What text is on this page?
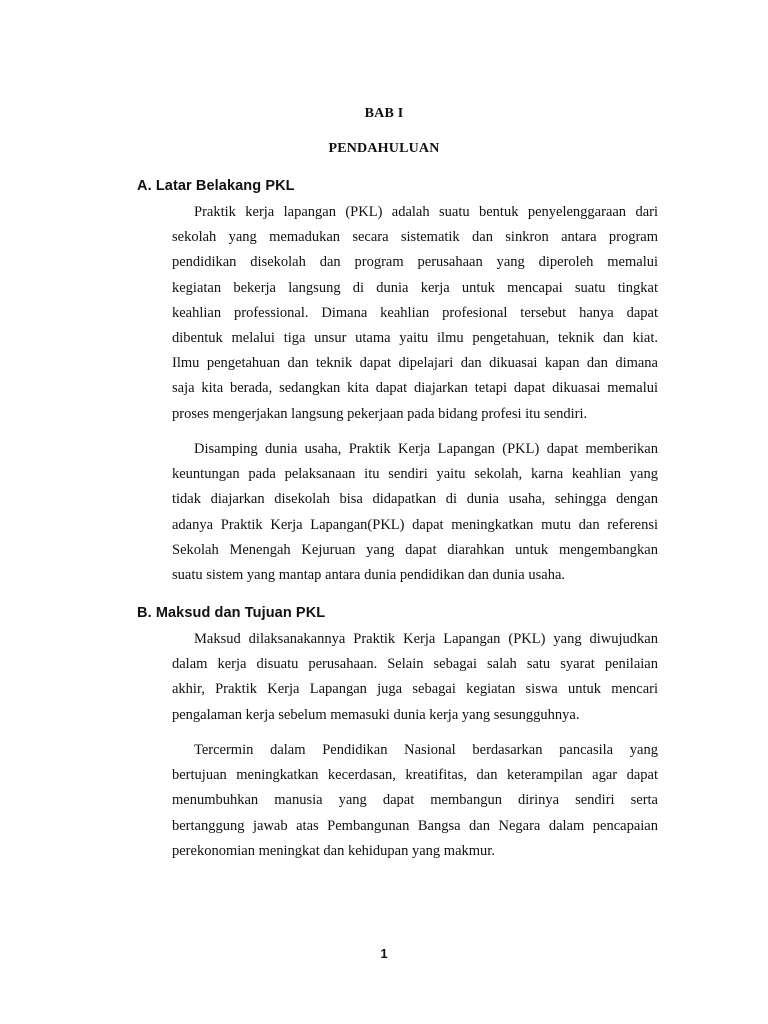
BAB I
PENDAHULUAN
A. Latar Belakang PKL
Praktik kerja lapangan (PKL) adalah suatu bentuk penyelenggaraan dari
sekolah yang memadukan secara sistematik dan sinkron antara program
pendidikan disekolah dan program perusahaan yang diperoleh memalui
kegiatan bekerja langsung di dunia kerja untuk mencapai suatu tingkat
keahlian professional. Dimana keahlian profesional tersebut hanya dapat
dibentuk melalui tiga unsur utama yaitu ilmu pengetahuan, teknik dan kiat.
Ilmu pengetahuan dan teknik dapat dipelajari dan dikuasai kapan dan dimana
saja kita berada, sedangkan kita dapat diajarkan tetapi dapat dikuasai memalui
proses mengerjakan langsung pekerjaan pada bidang profesi itu sendiri.
Disamping dunia usaha, Praktik Kerja Lapangan (PKL) dapat memberikan
keuntungan pada pelaksanaan itu sendiri yaitu sekolah, karna keahlian yang
tidak diajarkan disekolah bisa didapatkan di dunia usaha, sehingga dengan
adanya Praktik Kerja Lapangan(PKL) dapat meningkatkan mutu dan referensi
Sekolah Menengah Kejuruan yang dapat diarahkan untuk mengembangkan
suatu sistem yang mantap antara dunia pendidikan dan dunia usaha.
B. Maksud dan Tujuan PKL
Maksud dilaksanakannya Praktik Kerja Lapangan (PKL) yang diwujudkan
dalam kerja disuatu perusahaan. Selain sebagai salah satu syarat penilaian
akhir, Praktik Kerja Lapangan juga sebagai kegiatan siswa untuk mencari
pengalaman kerja sebelum memasuki dunia kerja yang sesungguhnya.
Tercermin dalam Pendidikan Nasional berdasarkan pancasila yang
bertujuan meningkatkan kecerdasan, kreatifitas, dan keterampilan agar dapat
menumbuhkan manusia yang dapat membangun dirinya sendiri serta
bertanggung jawab atas Pembangunan Bangsa dan Negara dalam pencapaian
perekonomian meningkat dan kehidupan yang makmur.
1
